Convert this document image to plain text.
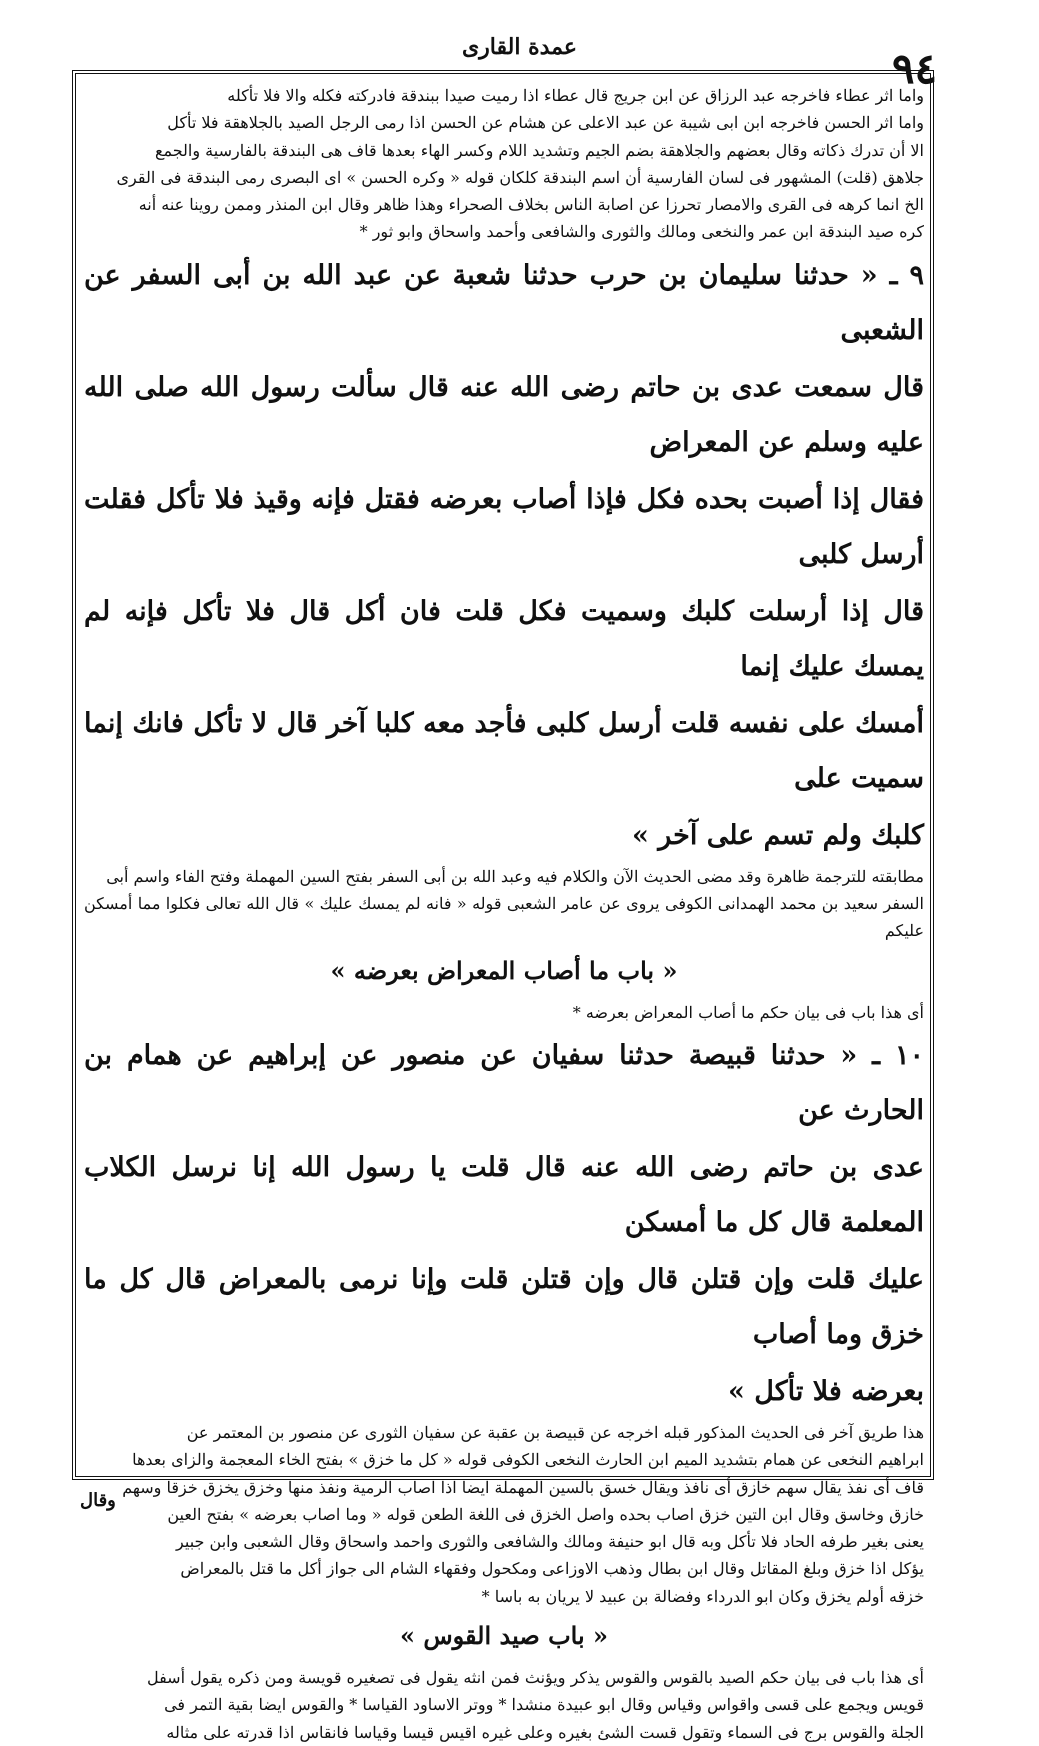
عمدة القارى	٩٤

واما اثر عطاء فاخرجه عبد الرزاق عن ابن جريج قال عطاء اذا رميت صيدا ببندقة فادركته فكله والا فلا تأكله

واما اثر الحسن فاخرجه ابن ابى شيبة عن عبد الاعلى عن هشام عن الحسن اذا رمى الرجل الصيد بالجلاهقة فلا تأكل

الا أن تدرك ذكاته وقال بعضهم والجلاهقة بضم الجيم وتشديد اللام وكسر الهاء بعدها قاف هى البندقة بالفارسية والجمع

جلاهق (قلت) المشهور فى لسان الفارسية أن اسم البندقة كلكان قوله « وكره الحسن » اى البصرى رمى البندقة فى القرى

الخ انما كرهه فى القرى والامصار تحرزا عن اصابة الناس بخلاف الصحراء وهذا ظاهر وقال ابن المنذر وممن روينا عنه أنه

كره صيد البندقة ابن عمر والنخعى ومالك والثورى والشافعى وأحمد واسحاق وابو ثور *

٩ ـ « حدثنا سليمان بن حرب حدثنا شعبة عن عبد الله بن أبى السفر عن الشعبى

قال سمعت عدى بن حاتم رضى الله عنه قال سألت رسول الله صلى الله عليه وسلم عن المعراض

فقال إذا أصبت بحده فكل فإذا أصاب بعرضه فقتل فإنه وقيذ فلا تأكل فقلت أرسل كلبى

قال إذا أرسلت كلبك وسميت فكل قلت فان أكل قال فلا تأكل فإنه لم يمسك عليك إنما

أمسك على نفسه قلت أرسل كلبى فأجد معه كلبا آخر قال لا تأكل فانك إنما سميت على

كلبك ولم تسم على آخر »

مطابقته للترجمة ظاهرة وقد مضى الحديث الآن والكلام فيه وعبد الله بن أبى السفر بفتح السين المهملة وفتح الفاء واسم أبى

السفر سعيد بن محمد الهمدانى الكوفى يروى عن عامر الشعبى قوله « فانه لم يمسك عليك » قال الله تعالى فكلوا مما أمسكن عليكم

« باب ما أصاب المعراض بعرضه »

أى هذا باب فى بيان حكم ما أصاب المعراض بعرضه *

١٠ ـ « حدثنا قبيصة حدثنا سفيان عن منصور عن إبراهيم عن همام بن الحارث عن

عدى بن حاتم رضى الله عنه قال قلت يا رسول الله إنا نرسل الكلاب المعلمة قال كل ما أمسكن

عليك قلت وإن قتلن قال وإن قتلن قلت وإنا نرمى بالمعراض قال كل ما خزق وما أصاب

بعرضه فلا تأكل »

هذا طريق آخر فى الحديث المذكور قبله اخرجه عن قبيصة بن عقبة عن سفيان الثورى عن منصور بن المعتمر عن

ابراهيم النخعى عن همام بتشديد الميم ابن الحارث النخعى الكوفى قوله « كل ما خزق » بفتح الخاء المعجمة والزاى بعدها

قاف أى نفذ يقال سهم خازق أى نافذ ويقال خسق بالسين المهملة ايضا اذا اصاب الرمية ونفذ منها وخزق يخزق خزقا وسهم

خازق وخاسق وقال ابن التين خزق اصاب بحده واصل الخزق فى اللغة الطعن قوله « وما اصاب بعرضه » بفتح العين

يعنى بغير طرفه الحاد فلا تأكل وبه قال ابو حنيفة ومالك والشافعى والثورى واحمد واسحاق وقال الشعبى وابن جبير

يؤكل اذا خزق وبلغ المقاتل وقال ابن بطال وذهب الاوزاعى ومكحول وفقهاء الشام الى جواز أكل ما قتل بالمعراض

خزقه أولم يخزق وكان ابو الدرداء وفضالة بن عبيد لا يريان به باسا *

« باب صيد القوس »

أى هذا باب فى بيان حكم الصيد بالقوس والقوس يذكر ويؤنث فمن انثه يقول فى تصغيره قويسة ومن ذكره يقول أسفل

قويس ويجمع على قسى واقواس وقياس وقال ابو عبيدة منشدا * ووتر الاساود القياسا * والقوس ايضا بقية التمر فى

الجلة والقوس برج فى السماء وتقول قست الشئ بغيره وعلى غيره اقيس قيسا وقياسا فانقاس اذا قدرته على مثاله

وقال
